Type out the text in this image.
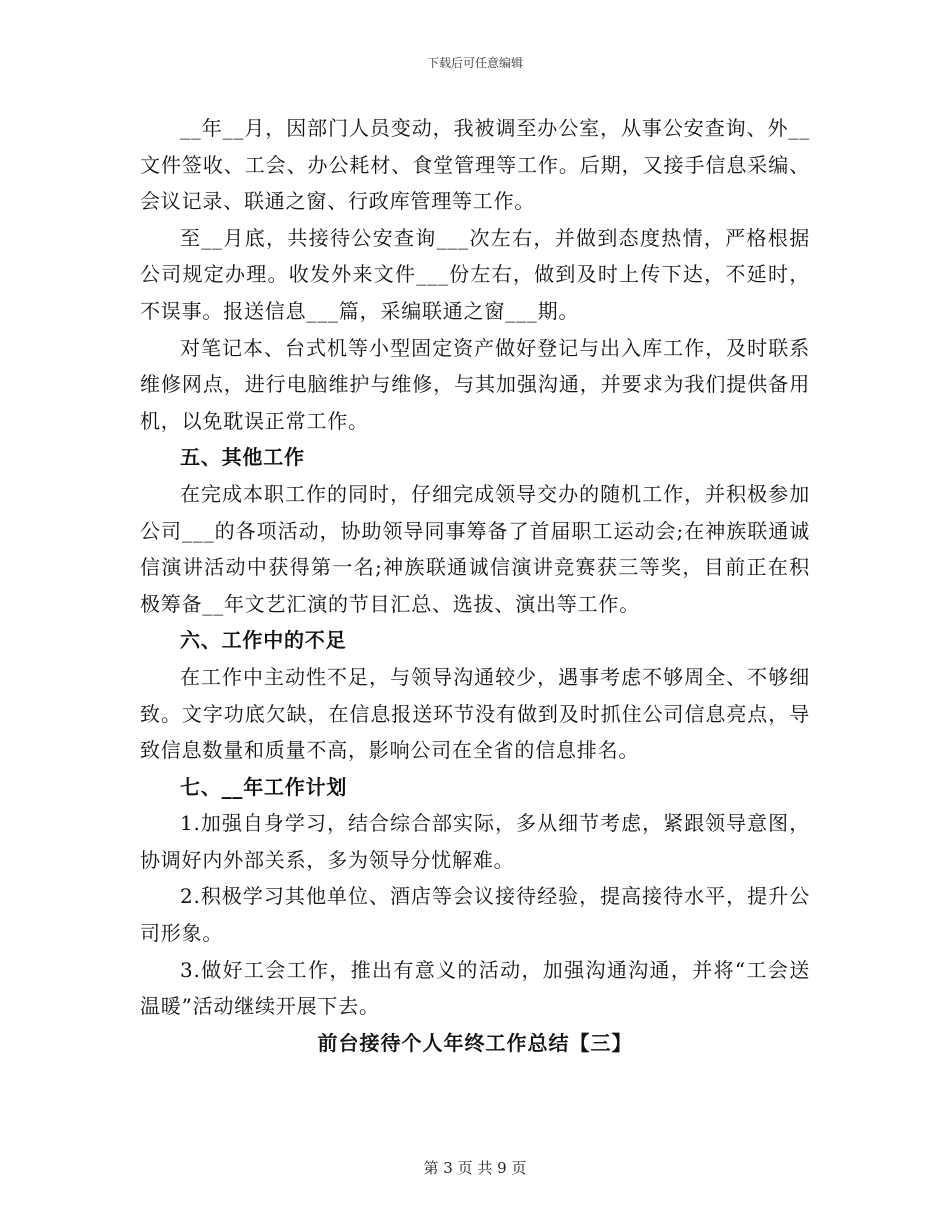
下载后可任意编辑

__年__月，因部门人员变动，我被调至办公室，从事公安查询、外__文件签收、工会、办公耗材、食堂管理等工作。后期，又接手信息采编、会议记录、联通之窗、行政库管理等工作。

至__月底，共接待公安查询___次左右，并做到态度热情，严格根据公司规定办理。收发外来文件___份左右，做到及时上传下达，不延时，不误事。报送信息___篇，采编联通之窗___期。

对笔记本、台式机等小型固定资产做好登记与出入库工作，及时联系维修网点，进行电脑维护与维修，与其加强沟通，并要求为我们提供备用机，以免耽误正常工作。

五、其他工作

在完成本职工作的同时，仔细完成领导交办的随机工作，并积极参加公司___的各项活动，协助领导同事筹备了首届职工运动会;在神族联通诚信演讲活动中获得第一名;神族联通诚信演讲竞赛获三等奖，目前正在积极筹备__年文艺汇演的节目汇总、选拔、演出等工作。

六、工作中的不足

在工作中主动性不足，与领导沟通较少，遇事考虑不够周全、不够细致。文字功底欠缺，在信息报送环节没有做到及时抓住公司信息亮点，导致信息数量和质量不高，影响公司在全省的信息排名。

七、__年工作计划

1.加强自身学习，结合综合部实际，多从细节考虑，紧跟领导意图，协调好内外部关系，多为领导分忧解难。

2.积极学习其他单位、酒店等会议接待经验，提高接待水平，提升公司形象。

3.做好工会工作，推出有意义的活动，加强沟通沟通，并将“工会送温暖”活动继续开展下去。

前台接待个人年终工作总结【三】

第 3 页 共 9 页
